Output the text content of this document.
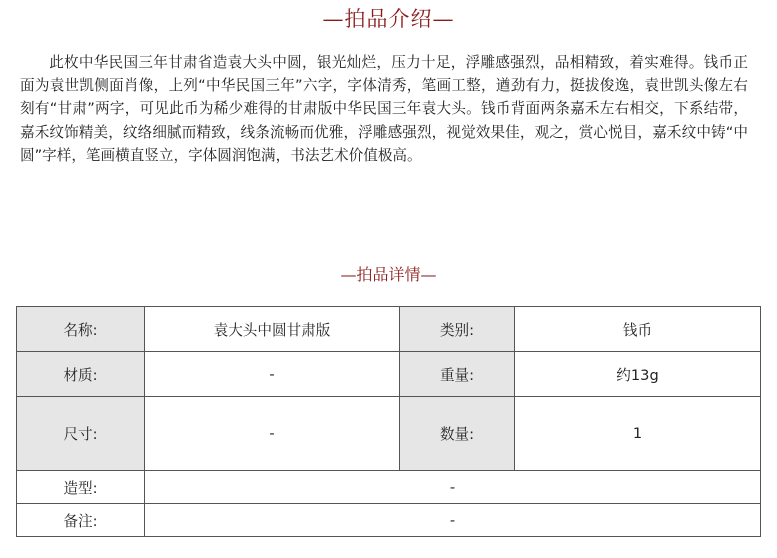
—拍品介绍—

此枚中华民国三年甘肃省造袁大头中圆，银光灿烂，压力十足，浮雕感强烈，品相精致，着实难得。钱币正面为袁世凯侧面肖像，上列“中华民国三年”六字，字体清秀，笔画工整，遒劲有力，挺拔俊逸，袁世凯头像左右刻有“甘肃”两字，可见此币为稀少难得的甘肃版中华民国三年袁大头。钱币背面两条嘉禾左右相交，下系结带，嘉禾纹饰精美，纹络细腻而精致，线条流畅而优雅，浮雕感强烈，视觉效果佳，观之，赏心悦目，嘉禾纹中铸“中圆”字样，笔画横直竖立，字体圆润饱满，书法艺术价值极高。

—拍品详情—
名称:	袁大头中圆甘肃版	类别:	钱币
材质:	-	重量:	约13g
尺寸:	-	数量:	1
造型:	-		
备注:	-		
